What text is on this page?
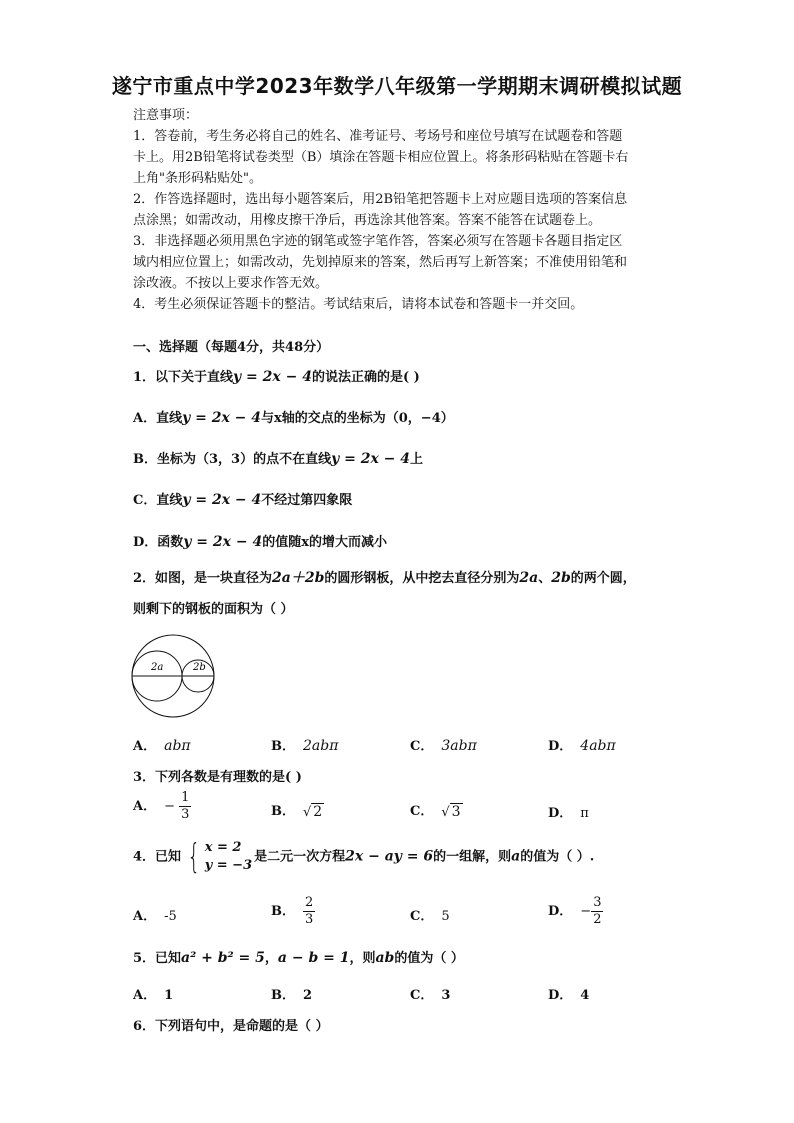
遂宁市重点中学2023年数学八年级第一学期期末调研模拟试题
注意事项：
1．答卷前，考生务必将自己的姓名、准考证号、考场号和座位号填写在试题卷和答题
卡上。用2B铅笔将试卷类型（B）填涂在答题卡相应位置上。将条形码粘贴在答题卡右
上角"条形码粘贴处"。
2．作答选择题时，选出每小题答案后，用2B铅笔把答题卡上对应题目选项的答案信息
点涂黑；如需改动，用橡皮擦干净后，再选涂其他答案。答案不能答在试题卷上。
3．非选择题必须用黑色字迹的钢笔或签字笔作答，答案必须写在答题卡各题目指定区
域内相应位置上；如需改动，先划掉原来的答案，然后再写上新答案；不准使用铅笔和
涂改液。不按以上要求作答无效。
4．考生必须保证答题卡的整洁。考试结束后，请将本试卷和答题卡一并交回。
一、选择题（每题4分，共48分）
1．以下关于直线y = 2x − 4的说法正确的是( )
A．直线y = 2x − 4与x轴的交点的坐标为（0，−4）
B．坐标为（3，3）的点不在直线y = 2x − 4上
C．直线y = 2x − 4不经过第四象限
D．函数y = 2x − 4的值随x的增大而减小
2．如图，是一块直径为2a＋2b的圆形钢板，从中挖去直径分别为2a、2b的两个圆，
则剩下的钢板的面积为（ ）
2a	2b
A． abπ	B． 2abπ	C． 3abπ	D． 4abπ
3．下列各数是有理数的是( )
A． − $\frac{1}{3}$	B． √ 2	C． √ 3	D． π
4．已知 { x = 2
y = −3
是二元一次方程2x − ay = 6的一组解，则a的值为（ ）.
A． -5	B． $\frac{2}{3}$	C． 5	D． − $\frac{3}{2}$
5．已知a² + b² = 5，a − b = 1，则ab的值为（ ）
A． 1	B． 2	C． 3	D． 4
6．下列语句中，是命题的是（ ）
